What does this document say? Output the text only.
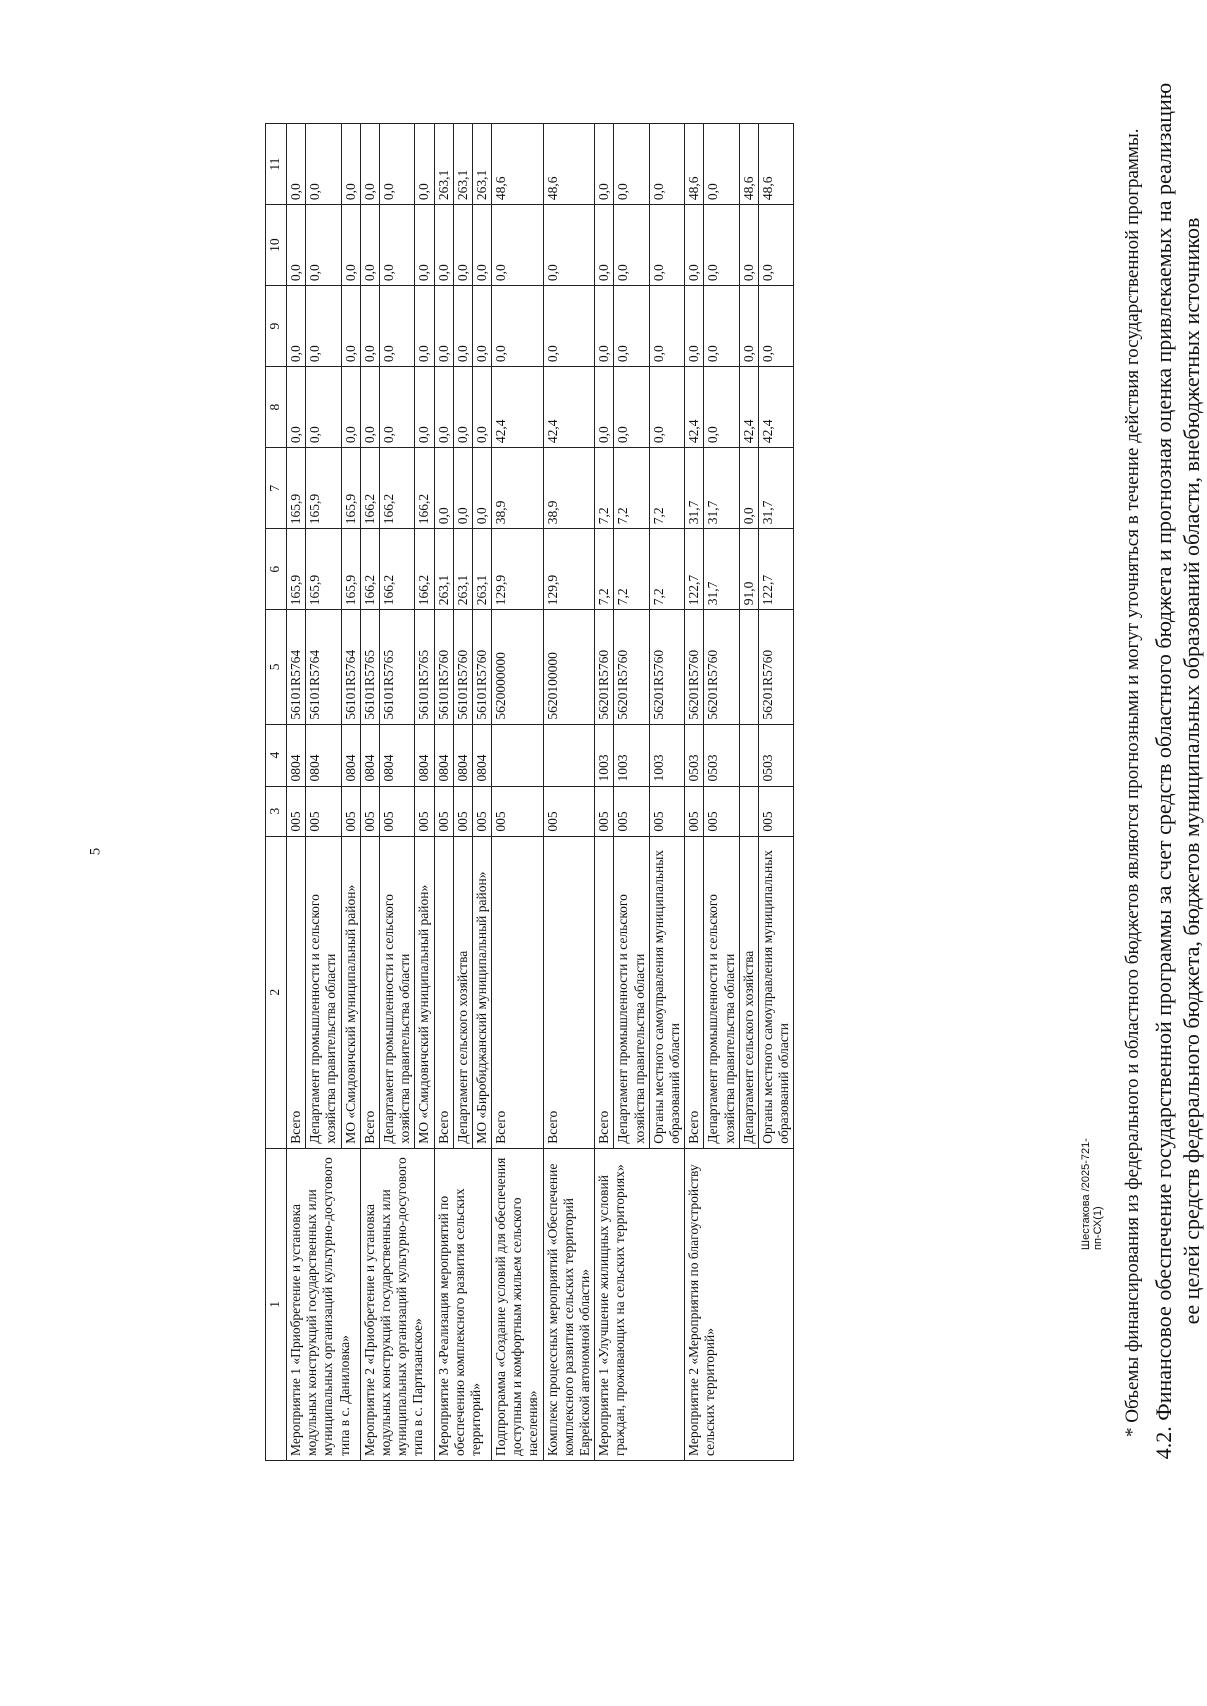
5
1	2	3	4	5	6	7	8	9	10	11
Мероприятие 1 «Приобретение и установка модульных конструкций государственных или муниципальных организаций культурно-досугового типа в с. Даниловка»	Всего	005	0804	56101R5764	165,9	165,9	0,0	0,0	0,0	0,0
	Департамент промышленности и сельского хозяйства правительства области	005	0804	56101R5764	165,9	165,9	0,0	0,0	0,0	0,0
	МО «Смидовичский муниципальный район»	005	0804	56101R5764	165,9	165,9	0,0	0,0	0,0	0,0
Мероприятие 2 «Приобретение и установка модульных конструкций государственных или муниципальных организаций культурно-досугового типа в с. Партизанское»	Всего	005	0804	56101R5765	166,2	166,2	0,0	0,0	0,0	0,0
	Департамент промышленности и сельского хозяйства правительства области	005	0804	56101R5765	166,2	166,2	0,0	0,0	0,0	0,0
	МО «Смидовичский муниципальный район»	005	0804	56101R5765	166,2	166,2	0,0	0,0	0,0	0,0
Мероприятие 3 «Реализация мероприятий по обеспечению комплексного развития сельских территорий»	Всего	005	0804	56101R5760	263,1	0,0	0,0	0,0	0,0	263,1
	Департамент сельского хозяйства	005	0804	56101R5760	263,1	0,0	0,0	0,0	0,0	263,1
	МО «Биробиджанский муниципальный район»	005	0804	56101R5760	263,1	0,0	0,0	0,0	0,0	263,1
Подпрограмма «Создание условий для обеспечения доступным и комфортным жильем сельского населения»	Всего	005		5620000000	129,9	38,9	42,4	0,0	0,0	48,6
Комплекс процессных мероприятий «Обеспечение комплексного развития сельских территорий Еврейской автономной области»	Всего	005		5620100000	129,9	38,9	42,4	0,0	0,0	48,6
Мероприятие 1 «Улучшение жилищных условий граждан, проживающих на сельских территориях»	Всего	005	1003	56201R5760	7,2	7,2	0,0	0,0	0,0	0,0
	Департамент промышленности и сельского хозяйства правительства области	005	1003	56201R5760	7,2	7,2	0,0	0,0	0,0	0,0
	Органы местного самоуправления муниципальных образований области	005	1003	56201R5760	7,2	7,2	0,0	0,0	0,0	0,0
Мероприятие 2 «Мероприятия по благоустройству сельских территорий»	Всего	005	0503	56201R5760	122,7	31,7	42,4	0,0	0,0	48,6
	Департамент промышленности и сельского хозяйства правительства области	005	0503	56201R5760	31,7	31,7	0,0	0,0	0,0	0,0
	Департамент сельского хозяйства				91,0	0,0	42,4	0,0	0,0	48,6
	Органы местного самоуправления муниципальных образований области	005	0503	56201R5760	122,7	31,7	42,4	0,0	0,0	48,6	* Объемы финансирования из федерального и областного бюджетов являются прогнозными и могут уточняться в течение действия государственной программы. 4.2. Финансовое обеспечение государственной программы за счет средств областного бюджета и прогнозная оценка привлекаемых на реализацию ее целей средств федерального бюджета, бюджетов муниципальных образований области, внебюджетных источников

Шестакова /2025-721-пп-СХ(1)
